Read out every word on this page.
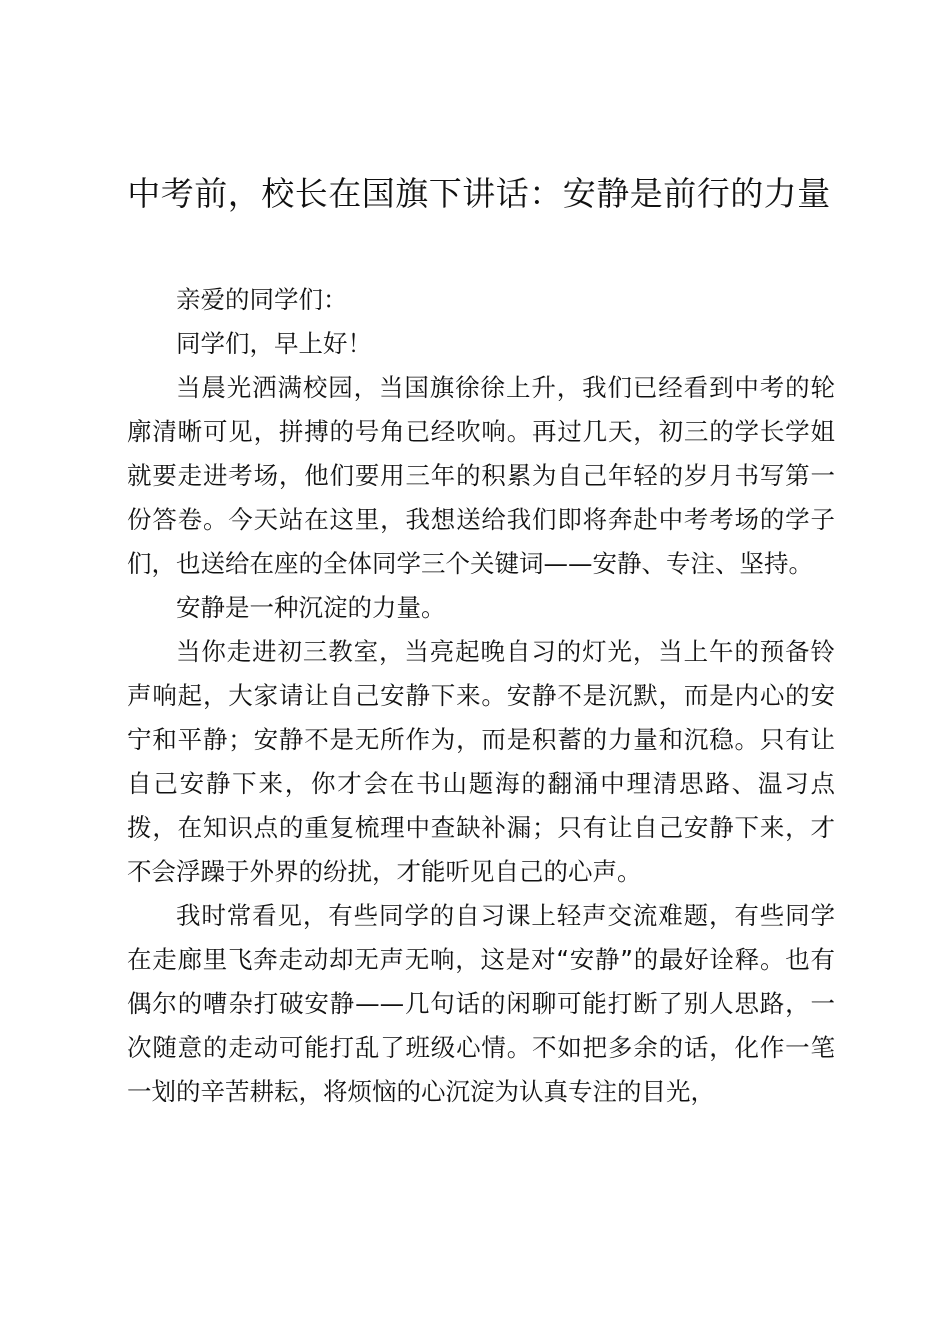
中考前，校长在国旗下讲话：安静是前行的力量

亲爱的同学们：

同学们，早上好！

当晨光洒满校园，当国旗徐徐上升，我们已经看到中考的轮廓清晰可见，拼搏的号角已经吹响。再过几天，初三的学长学姐就要走进考场，他们要用三年的积累为自己年轻的岁月书写第一份答卷。今天站在这里，我想送给我们即将奔赴中考考场的学子们，也送给在座的全体同学三个关键词——安静、专注、坚持。

安静是一种沉淀的力量。

当你走进初三教室，当亮起晚自习的灯光，当上午的预备铃声响起，大家请让自己安静下来。安静不是沉默，而是内心的安宁和平静；安静不是无所作为，而是积蓄的力量和沉稳。只有让自己安静下来，你才会在书山题海的翻涌中理清思路、温习点拨，在知识点的重复梳理中查缺补漏；只有让自己安静下来，才不会浮躁于外界的纷扰，才能听见自己的心声。

我时常看见，有些同学的自习课上轻声交流难题，有些同学在走廊里飞奔走动却无声无响，这是对“安静”的最好诠释。也有偶尔的嘈杂打破安静——几句话的闲聊可能打断了别人思路，一次随意的走动可能打乱了班级心情。不如把多余的话，化作一笔一划的辛苦耕耘，将烦恼的心沉淀为认真专注的目光，
